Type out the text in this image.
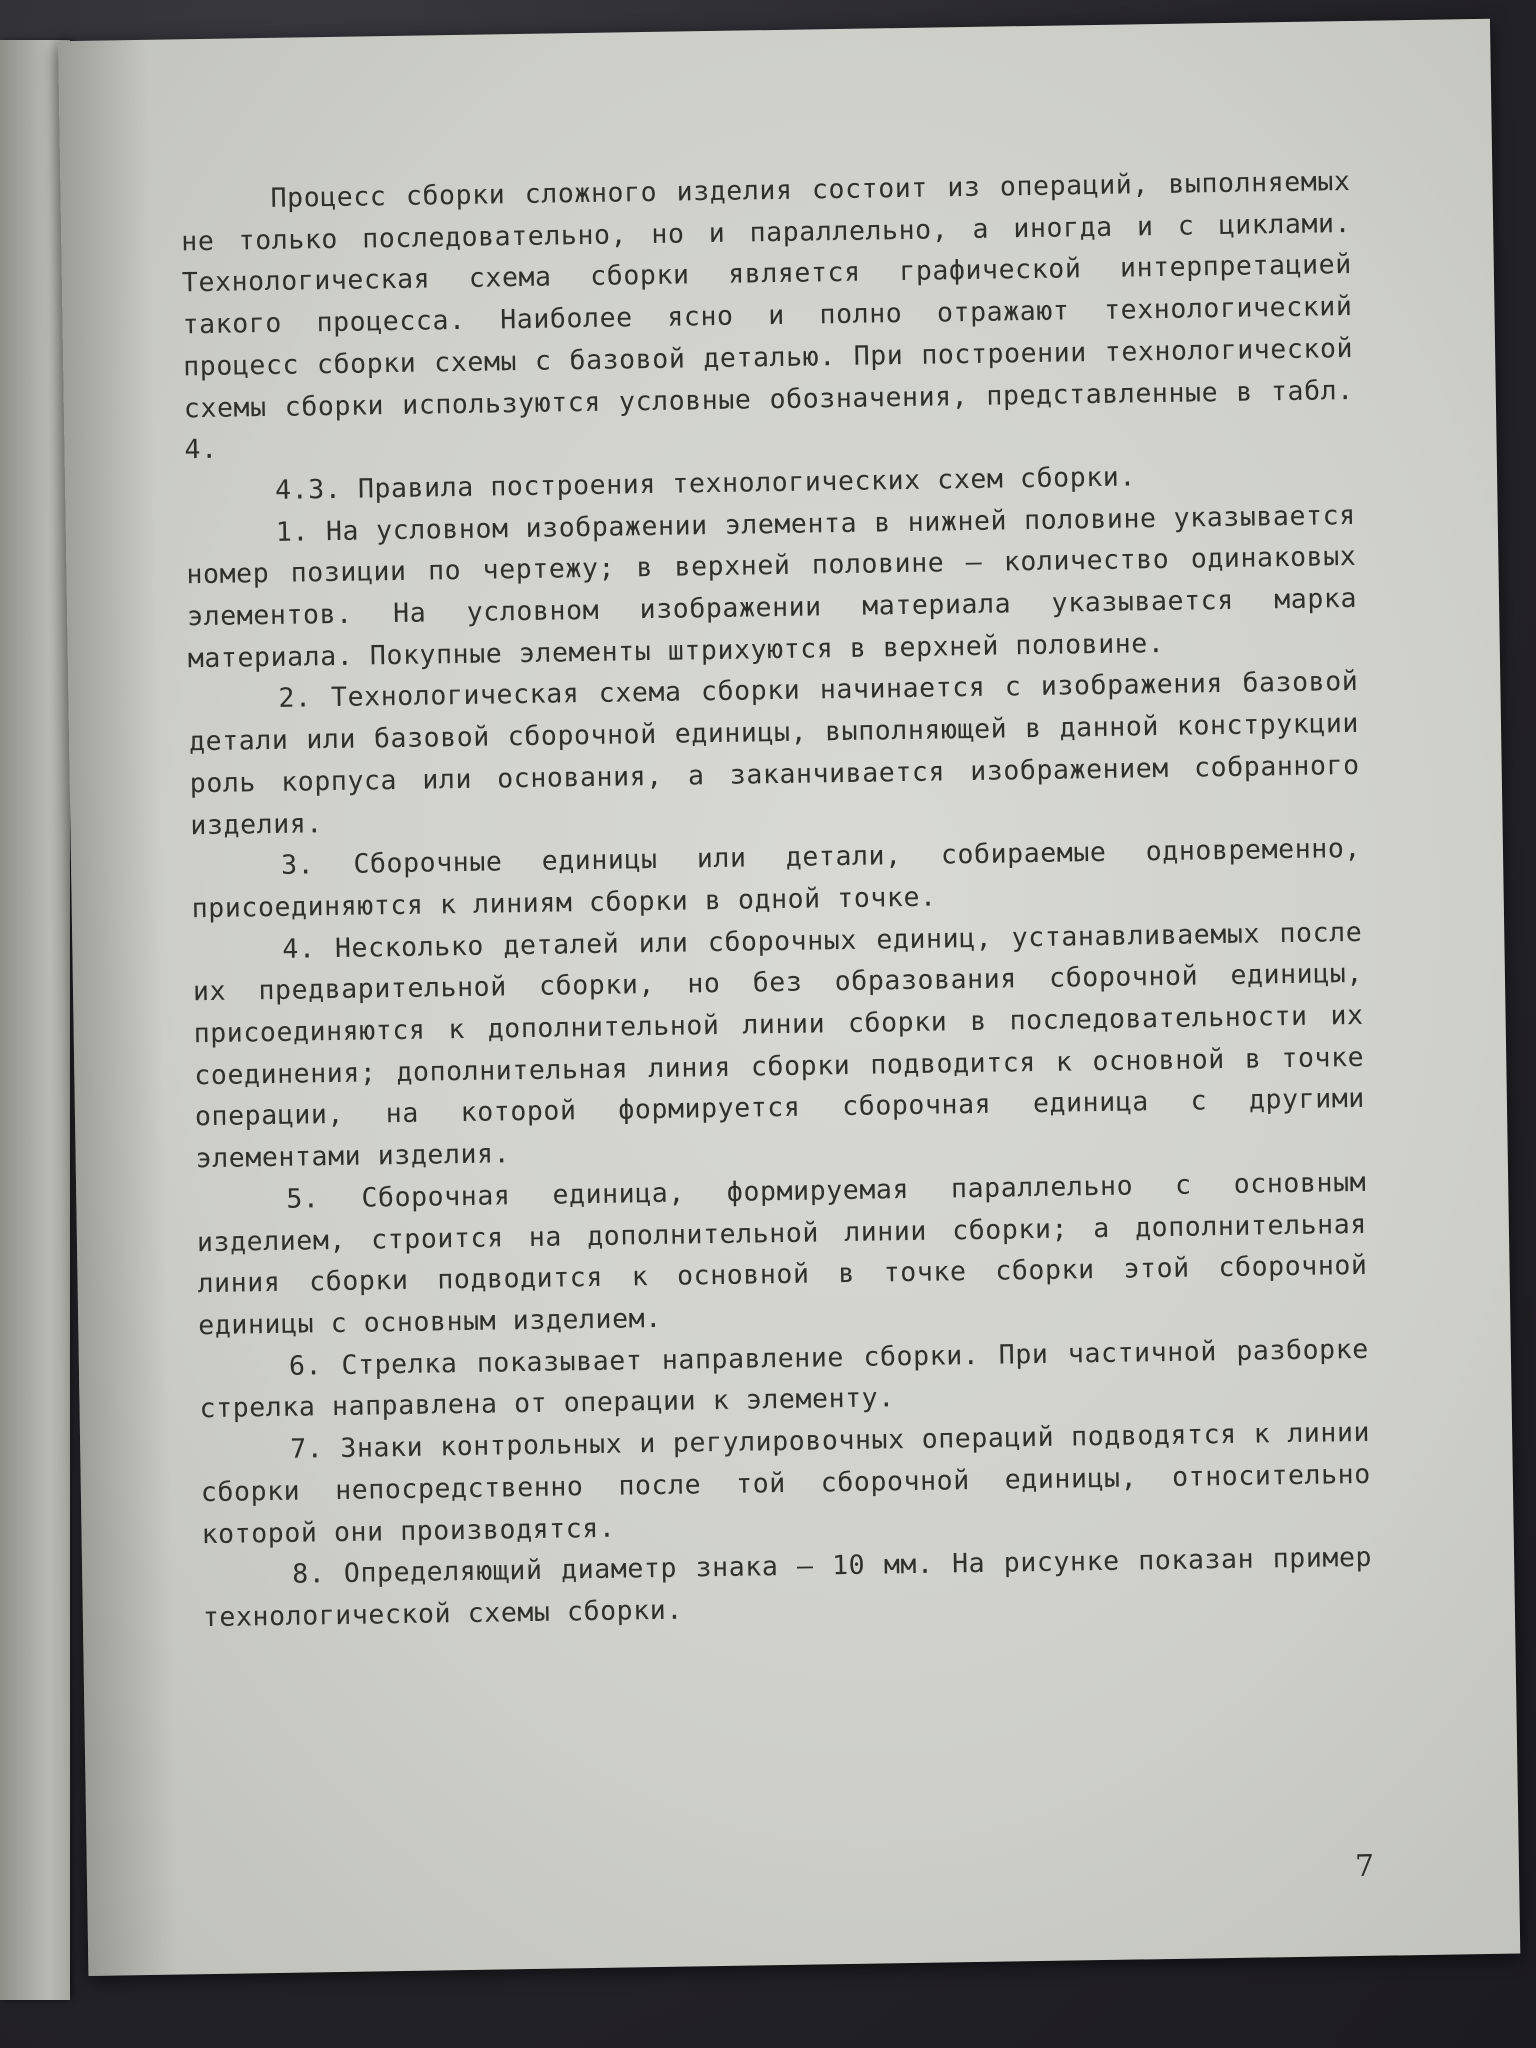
Процесс сборки сложного изделия состоит из операций, выполняемых не только последовательно, но и параллельно, а иногда и с циклами. Технологическая схема сборки является графической интерпретацией такого процесса. Наиболее ясно и полно отражают технологический процесс сборки схемы с базовой деталью. При построении технологической схемы сборки используются условные обозначения, представленные в табл. 4.

4.3. Правила построения технологических схем сборки.

1. На условном изображении элемента в нижней половине указывается номер позиции по чертежу; в верхней половине – количество одинаковых элементов. На условном изображении материала указывается марка материала. Покупные элементы штрихуются в верхней половине.

2. Технологическая схема сборки начинается с изображения базовой детали или базовой сборочной единицы, выполняющей в данной конструкции роль корпуса или основания, а заканчивается изображением собранного изделия.

3. Сборочные единицы или детали, собираемые одновременно, присоединяются к линиям сборки в одной точке.

4. Несколько деталей или сборочных единиц, устанавливаемых после их предварительной сборки, но без образования сборочной единицы, присоединяются к дополнительной линии сборки в последовательности их соединения; дополнительная линия сборки подводится к основной в точке операции, на которой формируется сборочная единица с другими элементами изделия.

5. Сборочная единица, формируемая параллельно с основным изделием, строится на дополнительной линии сборки; а дополнительная линия сборки подводится к основной в точке сборки этой сборочной единицы с основным изделием.

6. Стрелка показывает направление сборки. При частичной разборке стрелка направлена от операции к элементу.

7. Знаки контрольных и регулировочных операций подводятся к линии сборки непосредственно после той сборочной единицы, относительно которой они производятся.

8. Определяющий диаметр знака – 10 мм. На рисунке показан пример технологической схемы сборки.

7
